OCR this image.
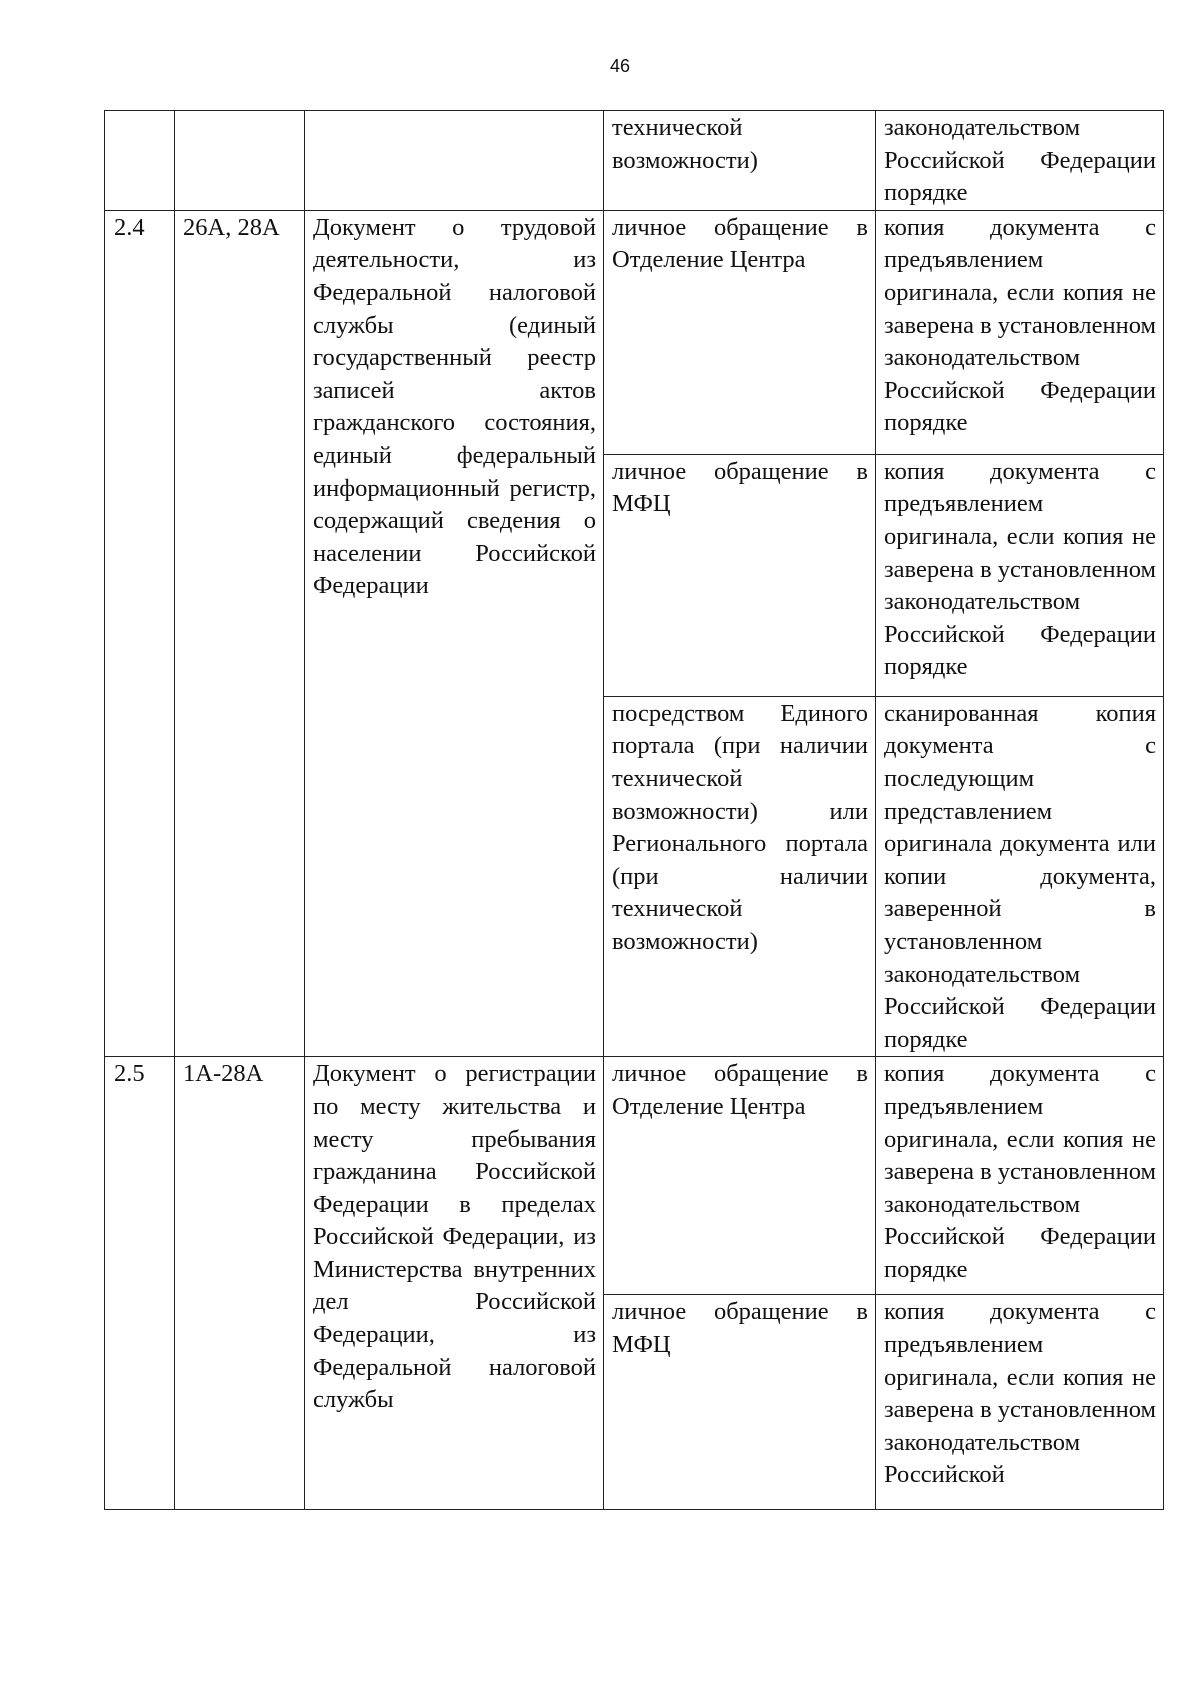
46
			технической возможности)	законодательством Российской Федерации порядке
2.4	26А, 28А	Документ о трудовой деятельности, из Федеральной налоговой службы (единый государственный реестр записей актов гражданского состояния, единый федеральный информационный регистр, содержащий сведения о населении Российской Федерации	личное обращение в Отделение Центра	копия документа с предъявлением оригинала, если копия не заверена в установленном законодательством Российской Федерации порядке
			личное обращение в МФЦ	копия документа с предъявлением оригинала, если копия не заверена в установленном законодательством Российской Федерации порядке
			посредством Единого портала (при наличии технической возможности) или Регионального портала (при наличии технической возможности)	сканированная копия документа с последующим представлением оригинала документа или копии документа, заверенной в установленном законодательством Российской Федерации порядке
2.5	1А-28А	Документ о регистрации по месту жительства и месту пребывания гражданина Российской Федерации в пределах Российской Федерации, из Министерства внутренних дел Российской Федерации, из Федеральной налоговой службы	личное обращение в Отделение Центра	копия документа с предъявлением оригинала, если копия не заверена в установленном законодательством Российской Федерации порядке
			личное обращение в МФЦ	копия документа с предъявлением оригинала, если копия не заверена в установленном законодательством Российской
